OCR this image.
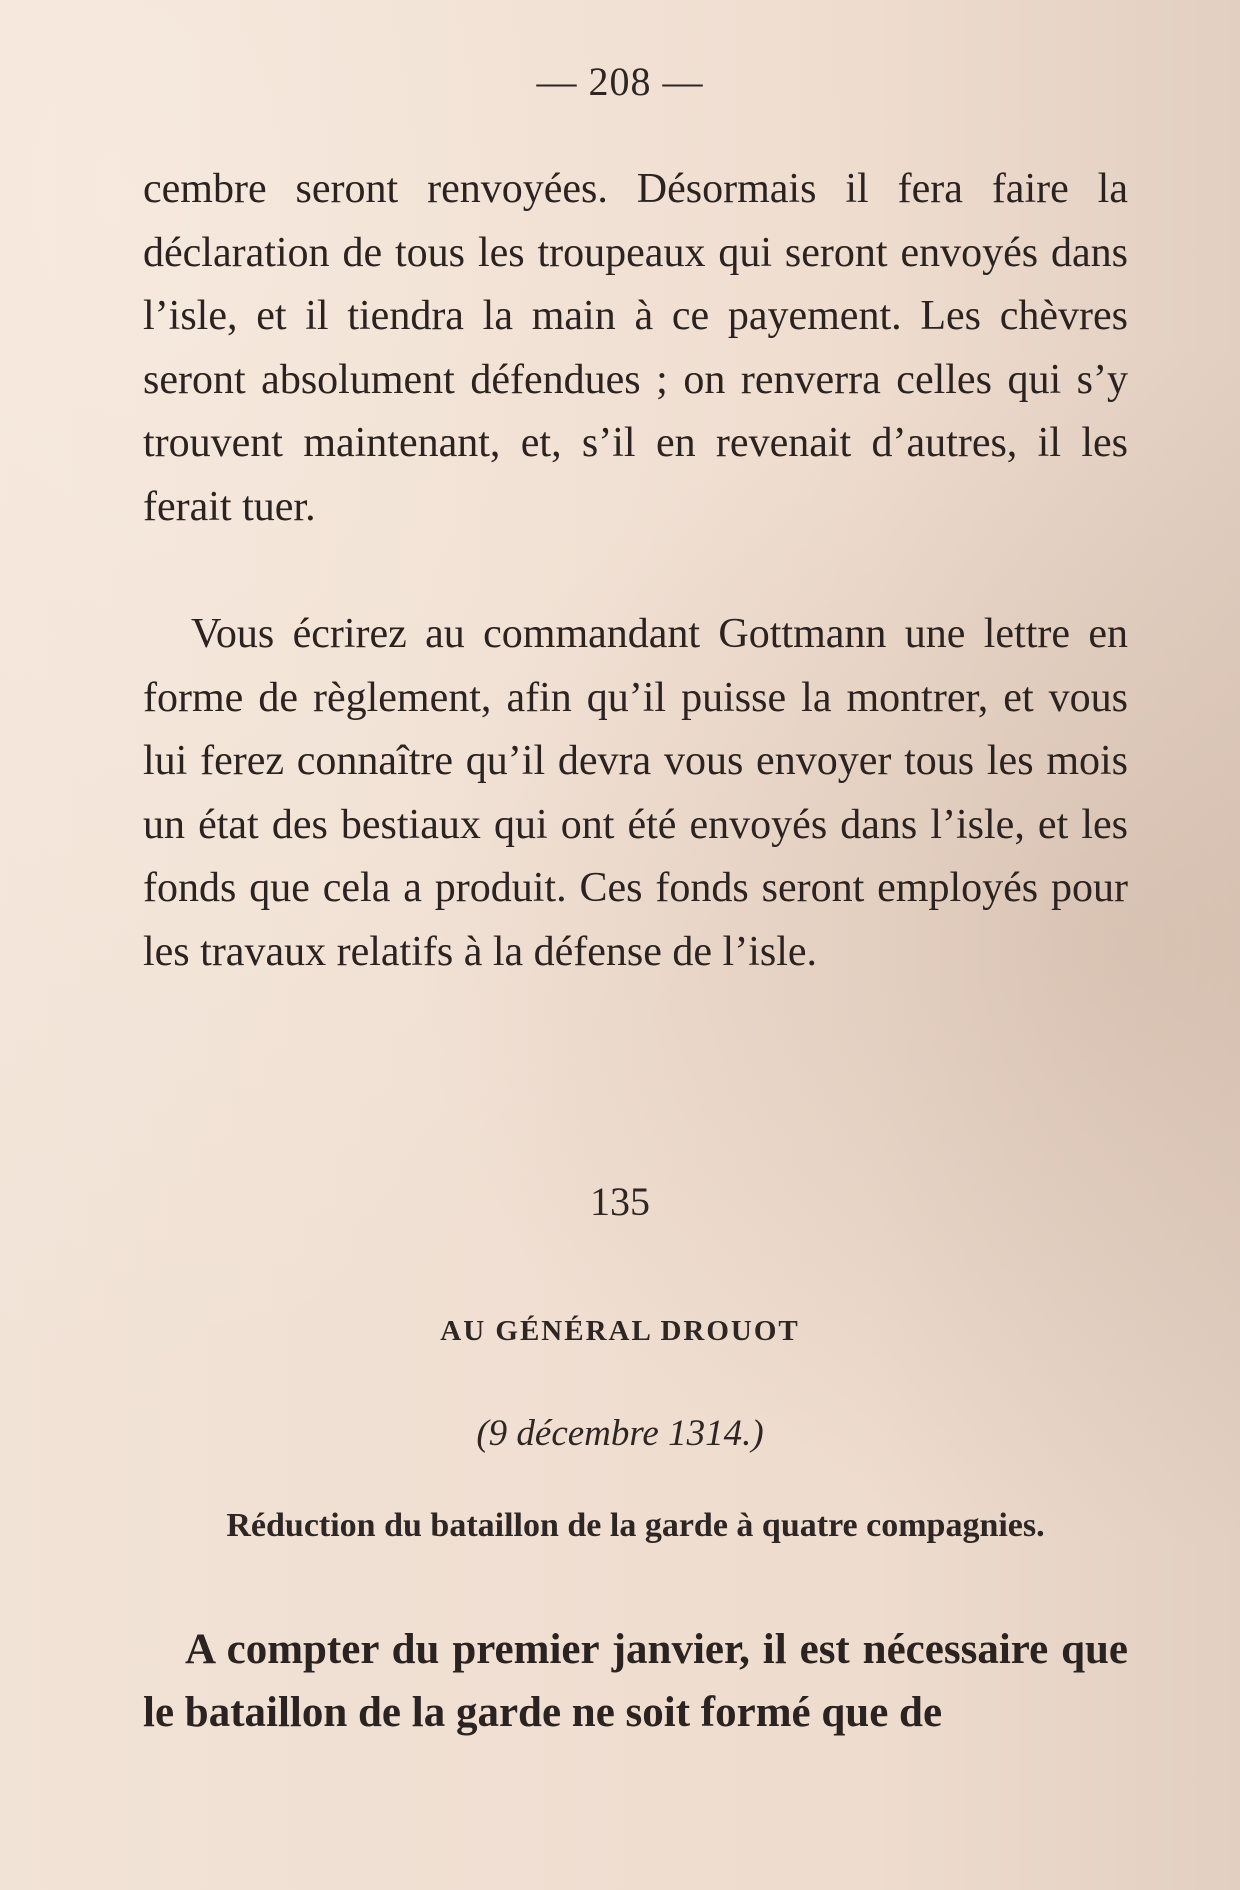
— 208 —

cembre seront renvoyées. Désormais il fera faire la déclaration de tous les troupeaux qui seront envoyés dans l’isle, et il tiendra la main à ce payement. Les chèvres seront absolument défendues ; on renverra celles qui s’y trouvent maintenant, et, s’il en revenait d’autres, il les ferait tuer.

Vous écrirez au commandant Gottmann une lettre en forme de règlement, afin qu’il puisse la montrer, et vous lui ferez connaître qu’il devra vous envoyer tous les mois un état des bestiaux qui ont été envoyés dans l’isle, et les fonds que cela a produit. Ces fonds seront employés pour les travaux relatifs à la défense de l’isle.

135
AU GÉNÉRAL DROUOT
(9 décembre 1314.)
Réduction du bataillon de la garde à quatre compagnies.

A compter du premier janvier, il est nécessaire que le bataillon de la garde ne soit formé que de
